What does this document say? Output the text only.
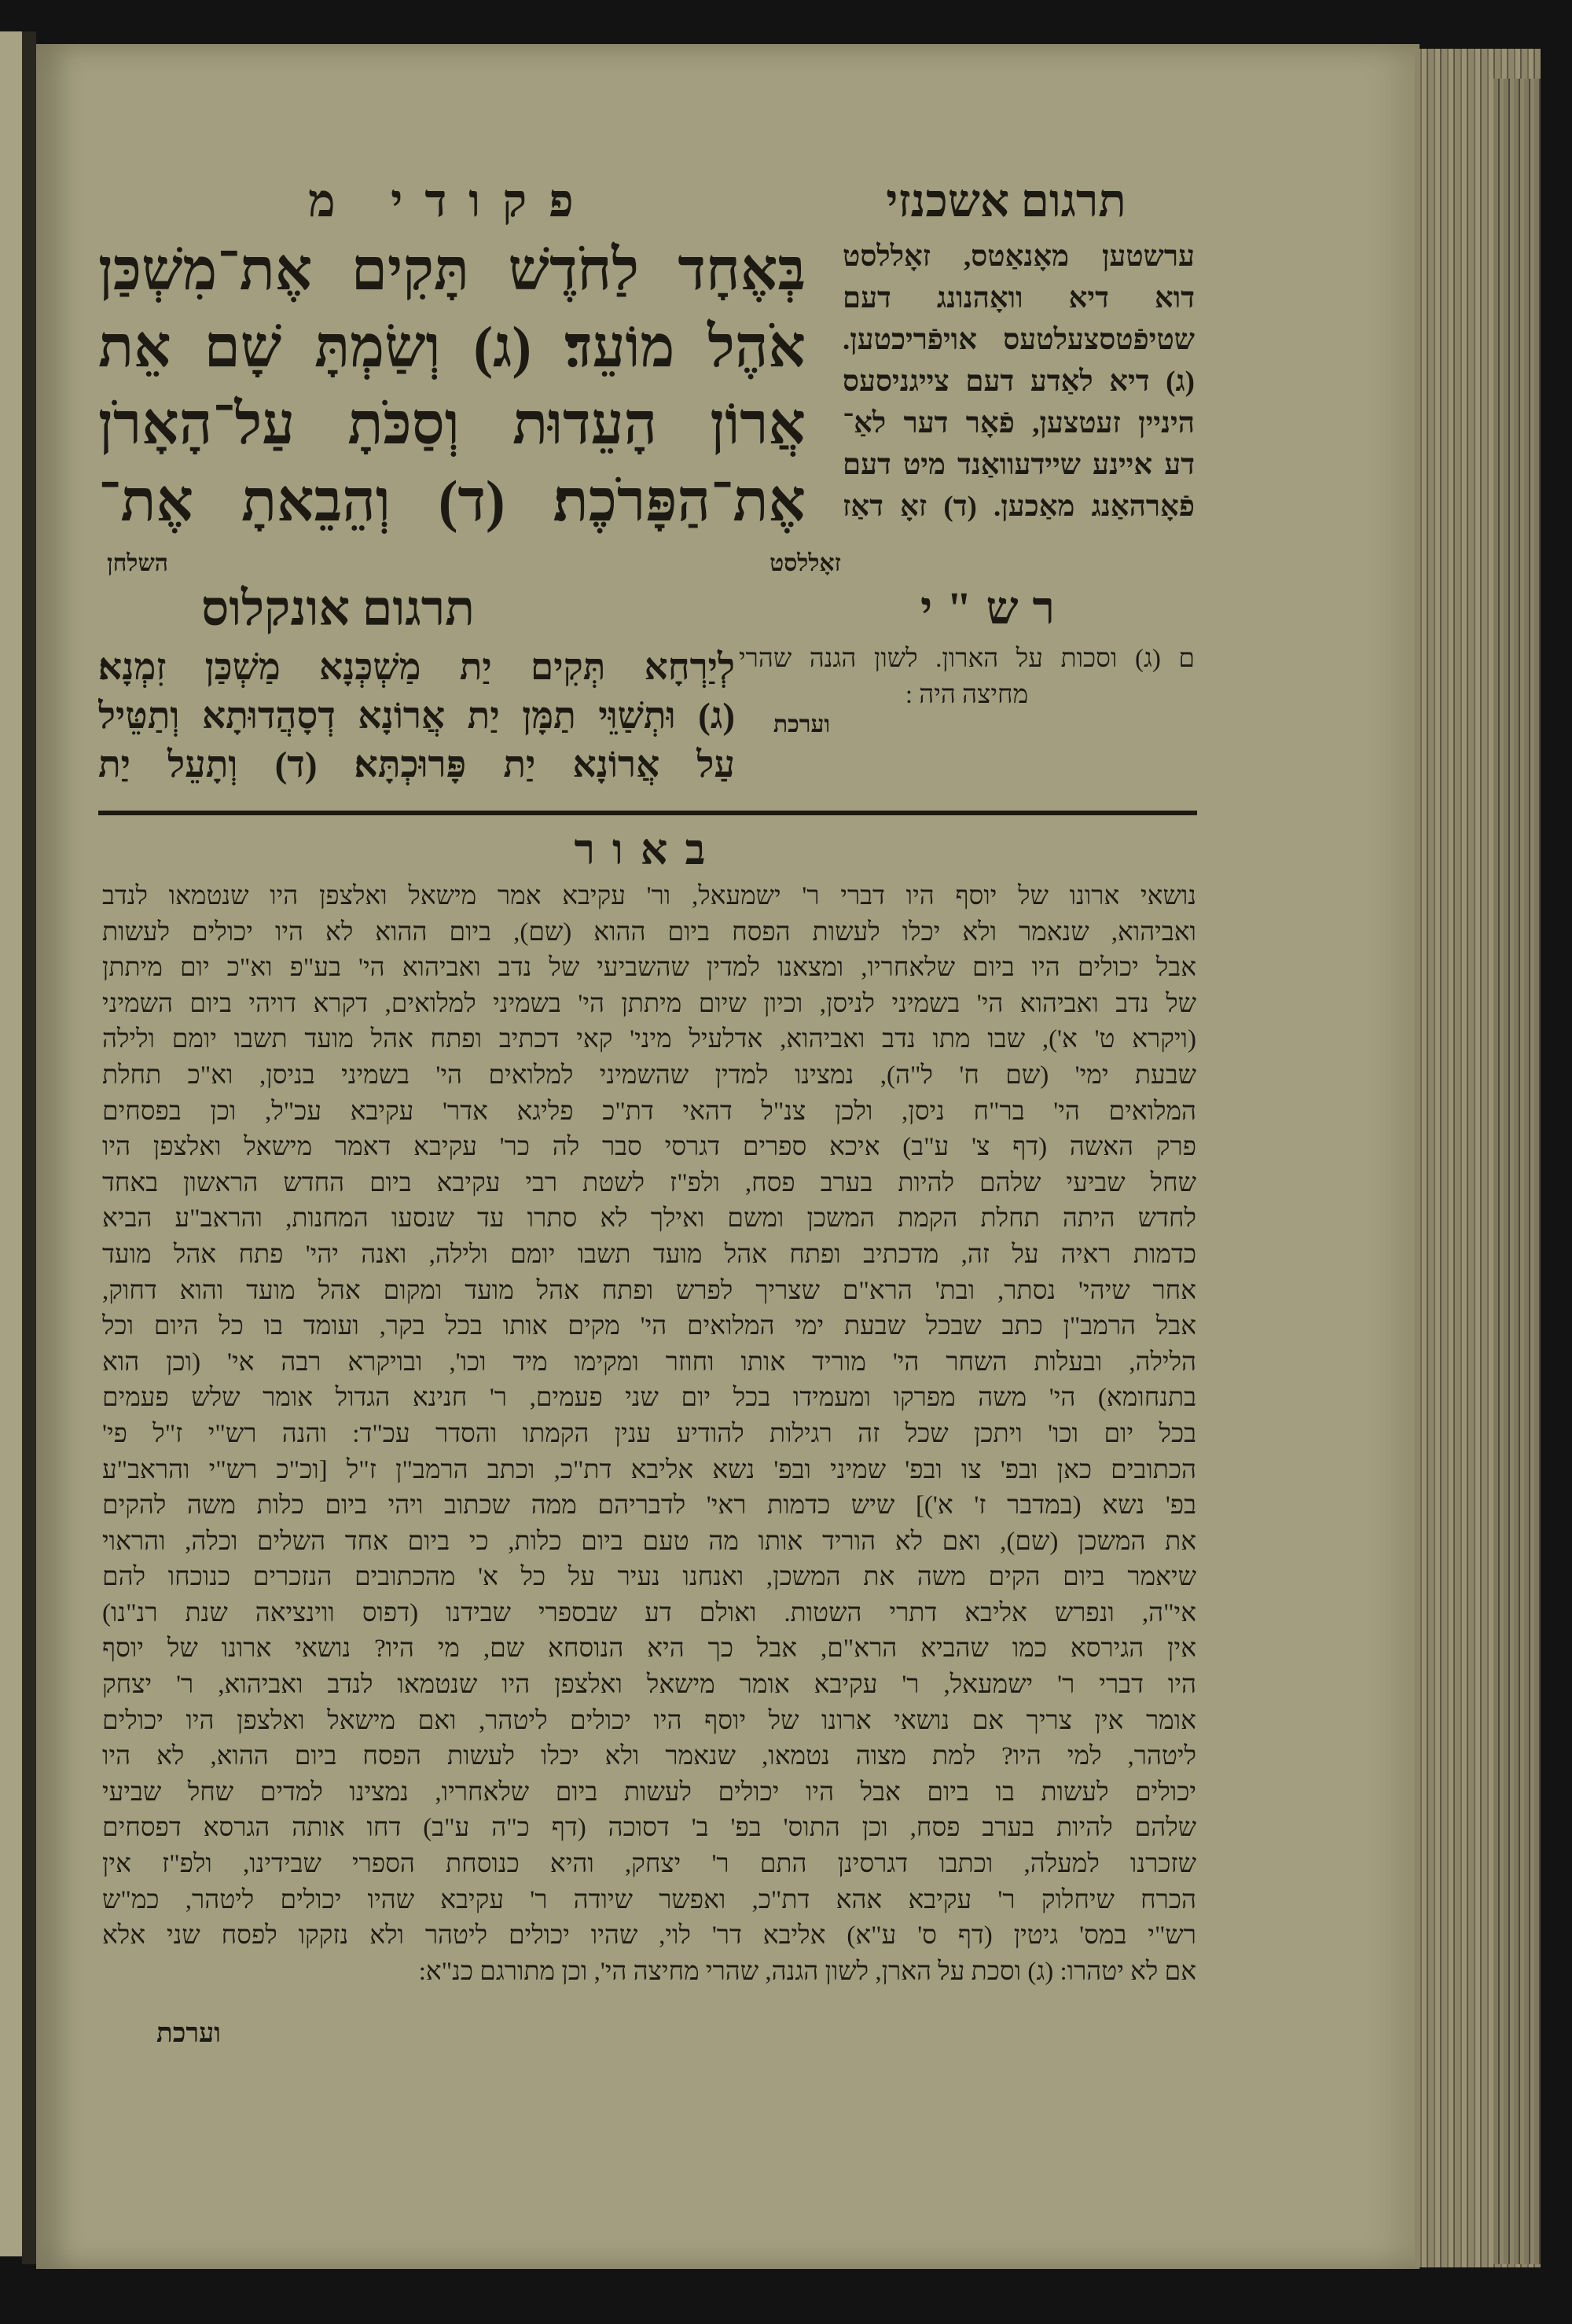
תרגום אשכנזי
ערשטען מאָנאַטס, זאָללסט
דוא דיא וואָהנונג דעם
שטיפֿטסצעלטעס אויפֿריכטען.
(ג) דיא לאַדע דעם צייגניסעס
היניין זעטצען, פֿאָר דער לאַ־
דע איינע שיידעוואַנד מיט דעם
פֿאָרהאַנג מאַכען. (ד) זאָ דאַז
זאָללסט
פקודי מ
בְּאֶחָד לַחֹדֶשׁ תָּקִים אֶת־מִשְׁכַּן
אֹהֶל מוֹעֵד׃ (ג) וְשַׂמְתָּ שָׁם אֵת
אֲרוֹן הָעֵדוּת וְסַכֹּתָ עַל־הָאָרֹן
אֶת־הַפָּרֹכֶת׃ (ד) וְהֵבֵאתָ אֶת־
השלחן
תרגום אונקלוס
לְיַרְחָא תְּקִים יַת מַשְׁכְּנָא מַשְׁכַּן זִמְנָא׃
(ג) וּתְשַׁוֵּי תַמָּן יַת אֲרוֹנָא דְסָהֲדוּתָא וְתַטֵּיל
עַל אֲרוֹנָא יַת פָּרוּכְתָּא׃ (ד) וְתָעֵל יַת
רש"י
ם (ג) וסכות על הארון. לשון הגנה שהרי
מחיצה היה :
וערכת
באור
נושאי ארונו של יוסף היו דברי ר' ישמעאל, ור' עקיבא אמר מישאל ואלצפן היו שנטמאו לנדב
ואביהוא, שנאמר ולא יכלו לעשות הפסח ביום ההוא (שם), ביום ההוא לא היו יכולים לעשות
אבל יכולים היו ביום שלאחריו, ומצאנו למדין שהשביעי של נדב ואביהוא הי' בע"פ וא"כ יום מיתתן
של נדב ואביהוא הי' בשמיני לניסן, וכיון שיום מיתתן הי' בשמיני למלואים, דקרא דויהי ביום השמיני
(ויקרא ט' א'), שבו מתו נדב ואביהוא, אדלעיל מיני' קאי דכתיב ופתח אהל מועד תשבו יומם ולילה
שבעת ימי' (שם ח' ל"ה), נמצינו למדין שהשמיני למלואים הי' בשמיני בניסן, וא"כ תחלת
המלואים הי' בר"ח ניסן, ולכן צנ"ל דהאי דת"כ פליגא אדר' עקיבא עכ"ל, וכן בפסחים
פרק האשה (דף צ' ע"ב) איכא ספרים דגרסי סבר לה כר' עקיבא דאמר מישאל ואלצפן היו
שחל שביעי שלהם להיות בערב פסח, ולפ"ז לשטת רבי עקיבא ביום החדש הראשון באחד
לחדש היתה תחלת הקמת המשכן ומשם ואילך לא סתרו עד שנסעו המחנות, והראב"ע הביא
כדמות ראיה על זה, מדכתיב ופתח אהל מועד תשבו יומם ולילה, ואנה יהי' פתח אהל מועד
אחר שיהי' נסתר, ובת' הרא"ם שצריך לפרש ופתח אהל מועד ומקום אהל מועד והוא דחוק,
אבל הרמב"ן כתב שבכל שבעת ימי המלואים הי' מקים אותו בכל בקר, ועומד בו כל היום וכל
הלילה, ובעלות השחר הי' מוריד אותו וחוזר ומקימו מיד וכו', ובויקרא רבה אי' (וכן הוא
בתנחומא) הי' משה מפרקו ומעמידו בכל יום שני פעמים, ר' חנינא הגדול אומר שלש פעמים
בכל יום וכו' ויתכן שכל זה רגילות להודיע ענין הקמתו והסדר עכ"ד: והנה רש"י ז"ל פי'
הכתובים כאן ובפ' צו ובפ' שמיני ובפ' נשא אליבא דת"כ, וכתב הרמב"ן ז"ל [וכ"כ רש"י והראב"ע
בפ' נשא (במדבר ז' א')] שיש כדמות ראי' לדבריהם ממה שכתוב ויהי ביום כלות משה להקים
את המשכן (שם), ואם לא הוריד אותו מה טעם ביום כלות, כי ביום אחד השלים וכלה, והראוי
שיאמר ביום הקים משה את המשכן, ואנחנו נעיר על כל א' מהכתובים הנזכרים כנוכחו להם
אי"ה, ונפרש אליבא דתרי השטות. ואולם דע שבספרי שבידנו (דפוס ווינציאה שנת רנ"נו)
אין הגירסא כמו שהביא הרא"ם, אבל כך היא הנוסחא שם, מי היו? נושאי ארונו של יוסף
היו דברי ר' ישמעאל, ר' עקיבא אומר מישאל ואלצפן היו שנטמאו לנדב ואביהוא, ר' יצחק
אומר אין צריך אם נושאי ארונו של יוסף היו יכולים ליטהר, ואם מישאל ואלצפן היו יכולים
ליטהר, למי היו? למת מצוה נטמאו, שנאמר ולא יכלו לעשות הפסח ביום ההוא, לא היו
יכולים לעשות בו ביום אבל היו יכולים לעשות ביום שלאחריו, נמצינו למדים שחל שביעי
שלהם להיות בערב פסח, וכן התוס' בפ' ב' דסוכה (דף כ"ה ע"ב) דחו אותה הגרסא דפסחים
שזכרנו למעלה, וכתבו דגרסינן התם ר' יצחק, והיא כנוסחת הספרי שבידינו, ולפ"ז אין
הכרח שיחלוק ר' עקיבא אהא דת"כ, ואפשר שיודה ר' עקיבא שהיו יכולים ליטהר, כמ"ש
רש"י במס' גיטין (דף ס' ע"א) אליבא דר' לוי, שהיו יכולים ליטהר ולא נזקקו לפסח שני אלא
אם לא יטהרו: (ג) וסכת על הארן, לשון הגנה, שהרי מחיצה הי', וכן מתורגם כנ"א:
וערכת
